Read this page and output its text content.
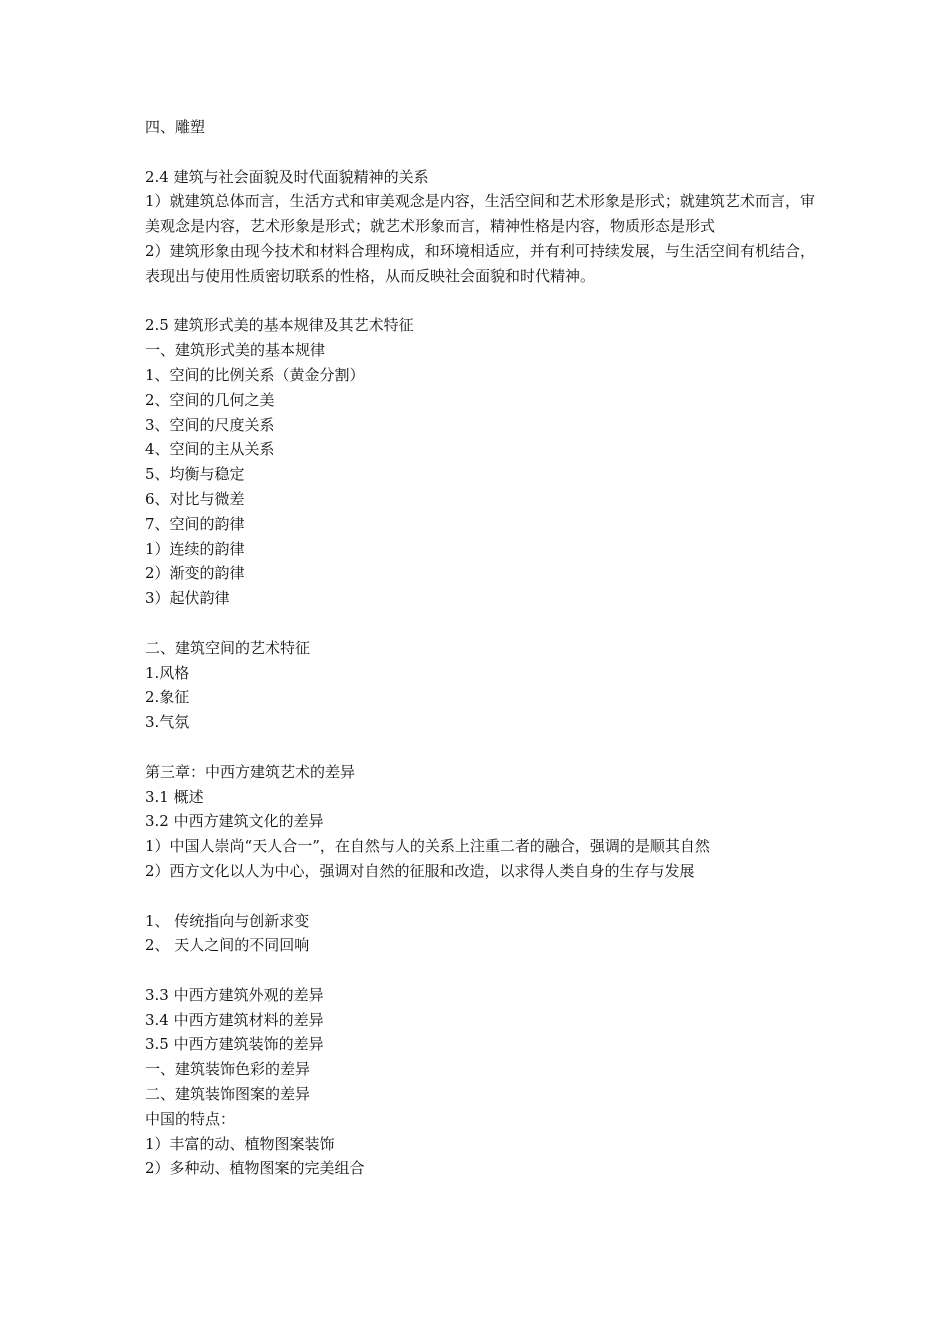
四、雕塑
2.4 建筑与社会面貌及时代面貌精神的关系
1）就建筑总体而言，生活方式和审美观念是内容，生活空间和艺术形象是形式；就建筑艺术而言，审美观念是内容，艺术形象是形式；就艺术形象而言，精神性格是内容，物质形态是形式
2）建筑形象由现今技术和材料合理构成，和环境相适应，并有利可持续发展，与生活空间有机结合，表现出与使用性质密切联系的性格，从而反映社会面貌和时代精神。
2.5 建筑形式美的基本规律及其艺术特征
一、建筑形式美的基本规律
1、空间的比例关系（黄金分割）
2、空间的几何之美
3、空间的尺度关系
4、空间的主从关系
5、均衡与稳定
6、对比与微差
7、空间的韵律
1）连续的韵律
2）渐变的韵律
3）起伏韵律
二、建筑空间的艺术特征
1.风格
2.象征
3.气氛
第三章：中西方建筑艺术的差异
3.1 概述
3.2 中西方建筑文化的差异
1）中国人崇尚“天人合一”，在自然与人的关系上注重二者的融合，强调的是顺其自然
2）西方文化以人为中心，强调对自然的征服和改造，以求得人类自身的生存与发展
1、 传统指向与创新求变
2、 天人之间的不同回响
3.3 中西方建筑外观的差异
3.4 中西方建筑材料的差异
3.5 中西方建筑装饰的差异
一、建筑装饰色彩的差异
二、建筑装饰图案的差异
中国的特点：
1）丰富的动、植物图案装饰
2）多种动、植物图案的完美组合
